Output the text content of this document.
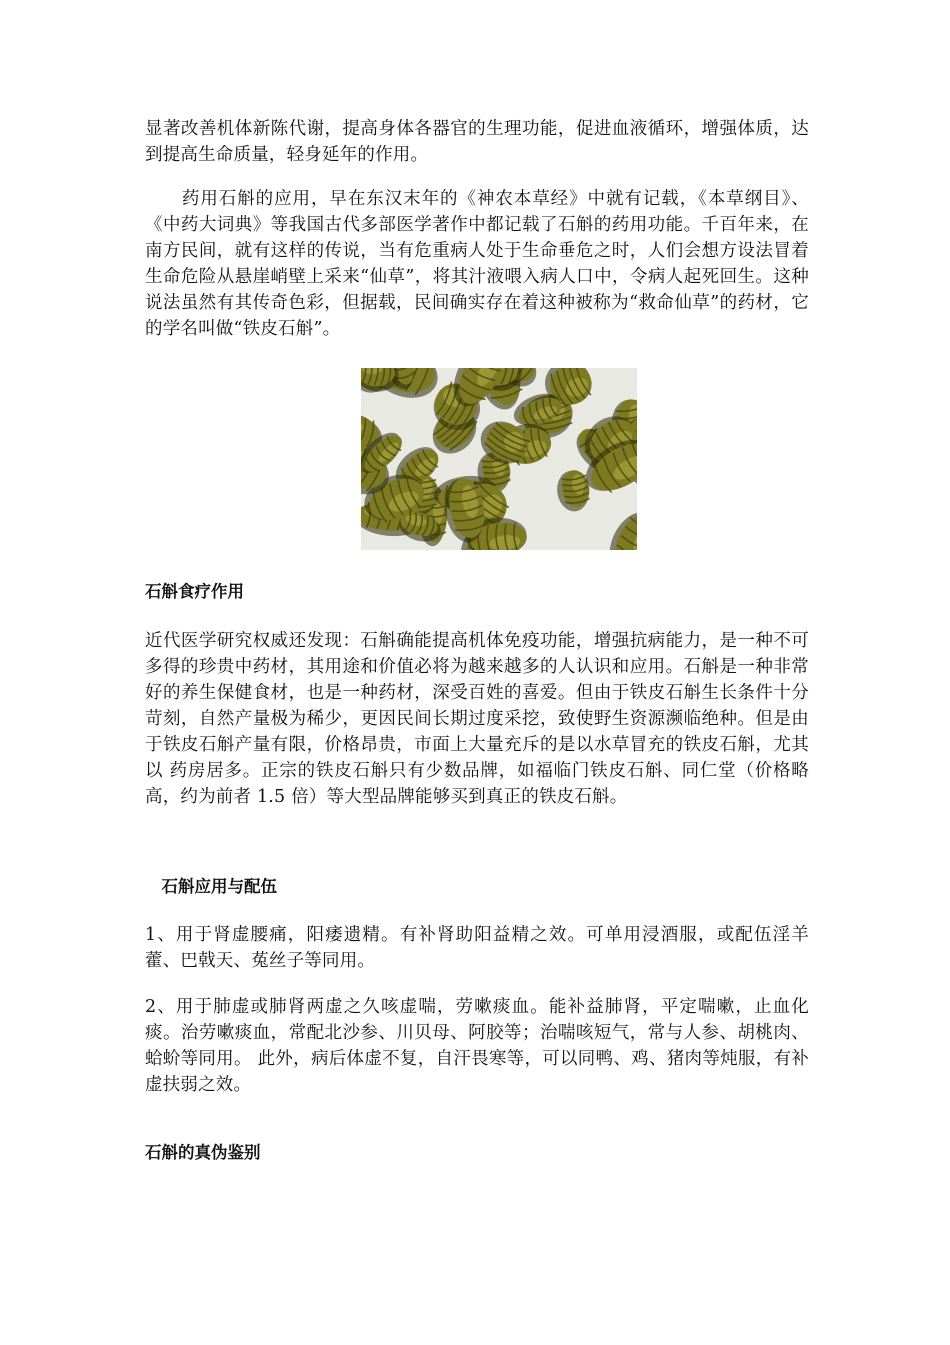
显著改善机体新陈代谢，提高身体各器官的生理功能，促进血液循环，增强体质，达到提高生命质量，轻身延年的作用。

　　药用石斛的应用，早在东汉末年的《神农本草经》中就有记载，《本草纲目》、《中药大词典》等我国古代多部医学著作中都记载了石斛的药用功能。千百年来，在南方民间，就有这样的传说，当有危重病人处于生命垂危之时，人们会想方设法冒着生命危险从悬崖峭壁上采来“仙草”，将其汁液喂入病人口中，令病人起死回生。这种说法虽然有其传奇色彩，但据载，民间确实存在着这种被称为“救命仙草”的药材，它的学名叫做“铁皮石斛”。

石斛食疗作用

近代医学研究权威还发现：石斛确能提高机体免疫功能，增强抗病能力，是一种不可多得的珍贵中药材，其用途和价值必将为越来越多的人认识和应用。石斛是一种非常好的养生保健食材，也是一种药材，深受百姓的喜爱。但由于铁皮石斛生长条件十分苛刻，自然产量极为稀少，更因民间长期过度采挖，致使野生资源濒临绝种。但是由于铁皮石斛产量有限，价格昂贵，市面上大量充斥的是以水草冒充的铁皮石斛，尤其以 药房居多。正宗的铁皮石斛只有少数品牌，如福临门铁皮石斛、同仁堂（价格略高，约为前者 1.5 倍）等大型品牌能够买到真正的铁皮石斛。

　石斛应用与配伍

1、用于肾虚腰痛，阳痿遗精。有补肾助阳益精之效。可单用浸酒服，或配伍淫羊藿、巴戟天、菟丝子等同用。

2、用于肺虚或肺肾两虚之久咳虚喘，劳嗽痰血。能补益肺肾，平定喘嗽，止血化痰。治劳嗽痰血，常配北沙参、川贝母、阿胶等；治喘咳短气，常与人参、胡桃肉、蛤蚧等同用。 此外，病后体虚不复，自汗畏寒等，可以同鸭、鸡、猪肉等炖服，有补虚扶弱之效。

石斛的真伪鉴别
